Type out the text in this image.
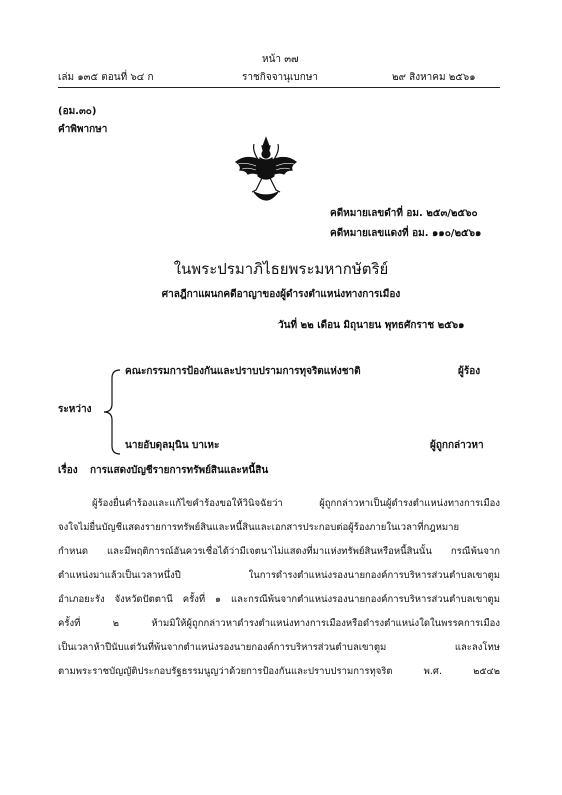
หน้า ๓๗
เล่ม ๑๓๕ ตอนที่ ๖๔ ก	ราชกิจจานุเบกษา	๒๙ สิงหาคม ๒๕๖๑
(อม.๓๐)
คำพิพากษา
คดีหมายเลขดำที่ อม. ๒๕๓/๒๕๖๐
คดีหมายเลขแดงที่ อม. ๑๑๐/๒๕๖๑
ในพระปรมาภิไธยพระมหากษัตริย์
ศาลฎีกาแผนกคดีอาญาของผู้ดำรงตำแหน่งทางการเมือง
วันที่ ๒๒ เดือน มิถุนายน พุทธศักราช ๒๕๖๑
คณะกรรมการป้องกันและปราบปรามการทุจริตแห่งชาติ	ผู้ร้อง
ระหว่าง
นายอับดุลมุนิน บาเหะ	ผู้ถูกกล่าวหา
เรื่อง การแสดงบัญชีรายการทรัพย์สินและหนี้สิน
ผู้ร้องยื่นคำร้องและแก้ไขคำร้องขอให้วินิจฉัยว่า ผู้ถูกกล่าวหาเป็นผู้ดำรงตำแหน่งทางการเมือง
จงใจไม่ยื่นบัญชีแสดงรายการทรัพย์สินและหนี้สินและเอกสารประกอบต่อผู้ร้องภายในเวลาที่กฎหมาย
กำหนด และมีพฤติการณ์อันควรเชื่อได้ว่ามีเจตนาไม่แสดงที่มาแห่งทรัพย์สินหรือหนี้สินนั้น กรณีพ้นจาก
ตำแหน่งมาแล้วเป็นเวลาหนึ่งปี ในการดำรงตำแหน่งรองนายกองค์การบริหารส่วนตำบลเขาตูม
อำเภอยะรัง จังหวัดปัตตานี ครั้งที่ ๑ และกรณีพ้นจากตำแหน่งรองนายกองค์การบริหารส่วนตำบลเขาตูม
ครั้งที่ ๒ ห้ามมิให้ผู้ถูกกล่าวหาดำรงตำแหน่งทางการเมืองหรือดำรงตำแหน่งใดในพรรคการเมือง
เป็นเวลาห้าปีนับแต่วันที่พ้นจากตำแหน่งรองนายกองค์การบริหารส่วนตำบลเขาตูม และลงโทษ
ตามพระราชบัญญัติประกอบรัฐธรรมนูญว่าด้วยการป้องกันและปราบปรามการทุจริต พ.ศ. ๒๕๔๒
